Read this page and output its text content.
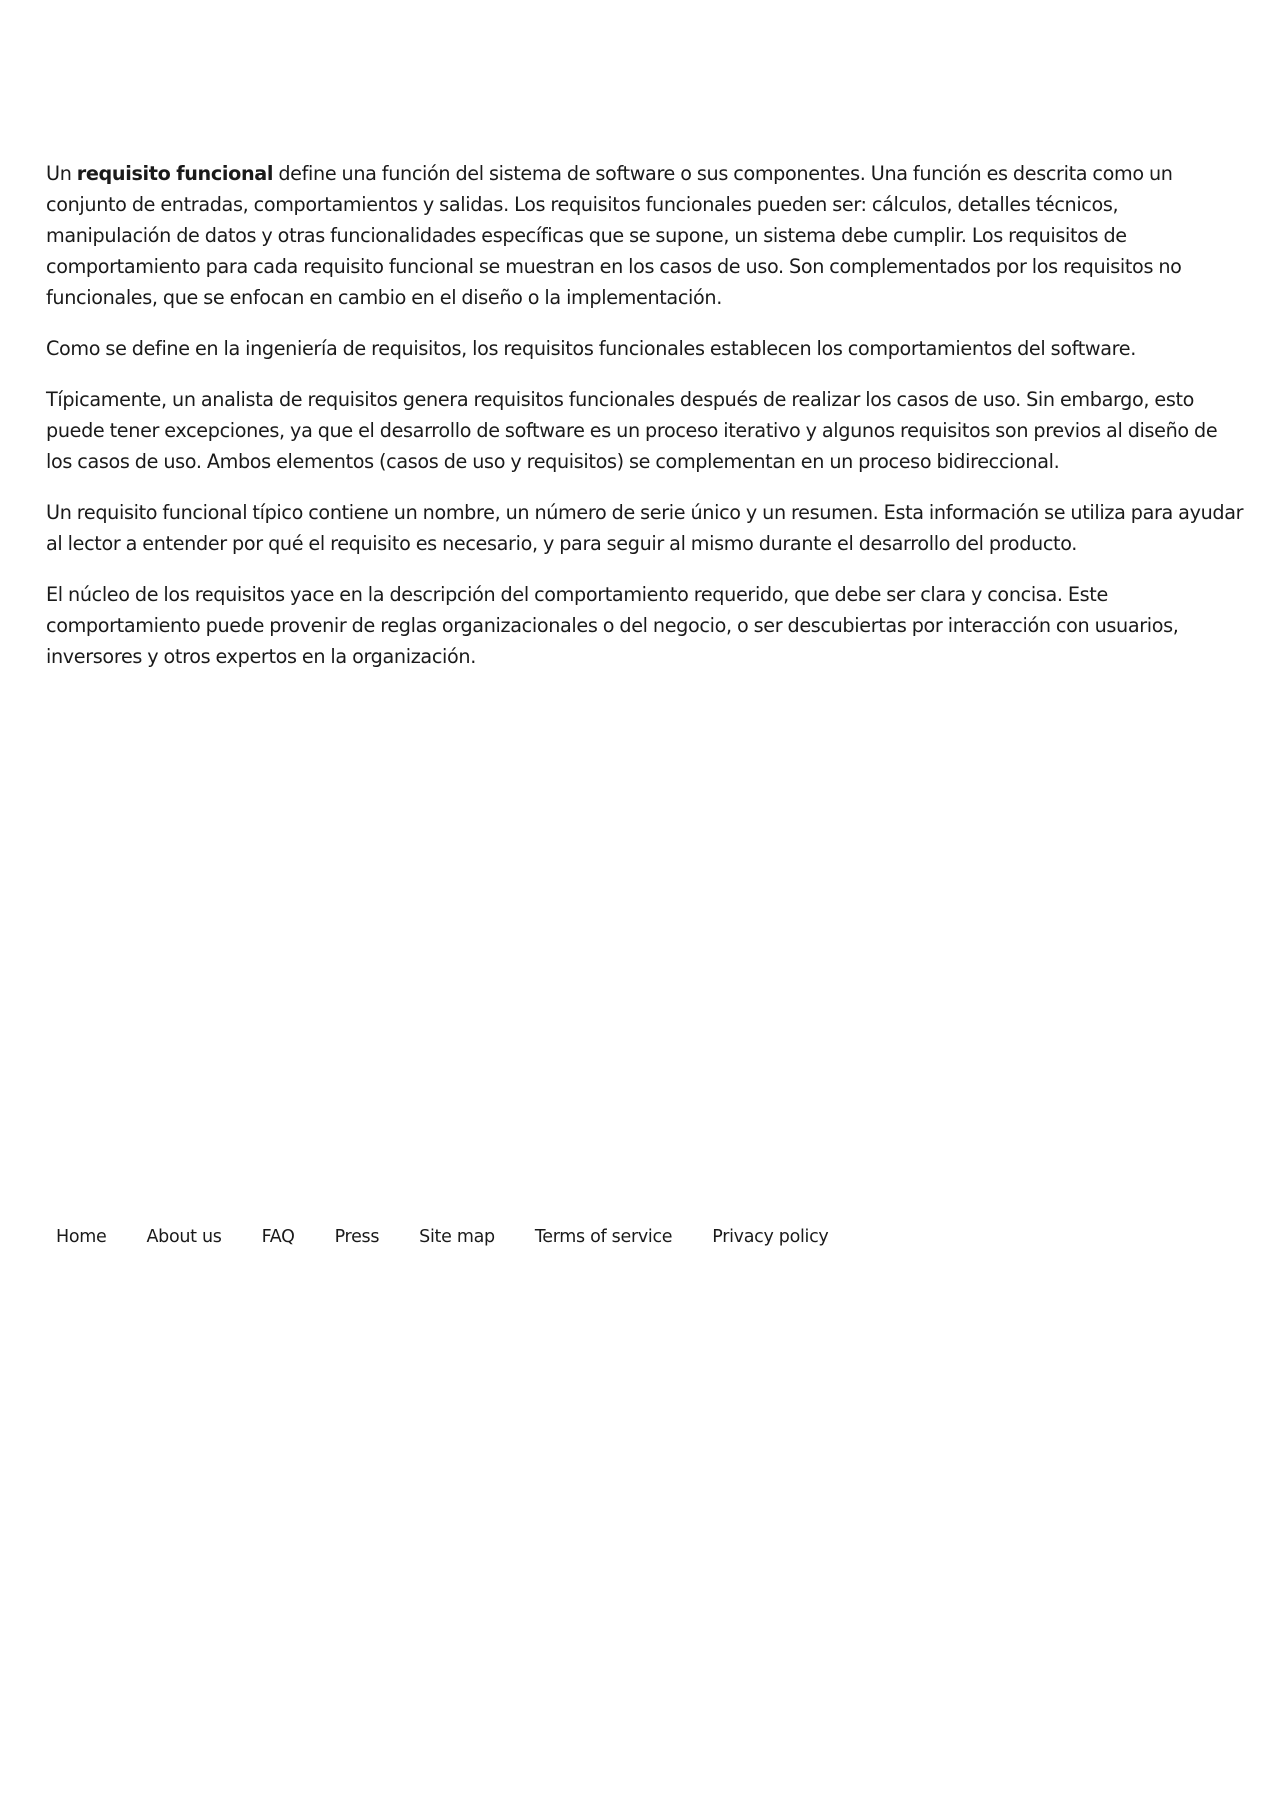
Un requisito funcional define una función del sistema de software o sus componentes. Una función es descrita como un conjunto de entradas, comportamientos y salidas. Los requisitos funcionales pueden ser: cálculos, detalles técnicos, manipulación de datos y otras funcionalidades específicas que se supone, un sistema debe cumplir. Los requisitos de comportamiento para cada requisito funcional se muestran en los casos de uso. Son complementados por los requisitos no funcionales, que se enfocan en cambio en el diseño o la implementación.

Como se define en la ingeniería de requisitos, los requisitos funcionales establecen los comportamientos del software.

Típicamente, un analista de requisitos genera requisitos funcionales después de realizar los casos de uso. Sin embargo, esto puede tener excepciones, ya que el desarrollo de software es un proceso iterativo y algunos requisitos son previos al diseño de los casos de uso. Ambos elementos (casos de uso y requisitos) se complementan en un proceso bidireccional.

Un requisito funcional típico contiene un nombre, un número de serie único y un resumen. Esta información se utiliza para ayudar al lector a entender por qué el requisito es necesario, y para seguir al mismo durante el desarrollo del producto.

El núcleo de los requisitos yace en la descripción del comportamiento requerido, que debe ser clara y concisa. Este comportamiento puede provenir de reglas organizacionales o del negocio, o ser descubiertas por interacción con usuarios, inversores y otros expertos en la organización.

Home About us FAQ Press Site map Terms of service Privacy policy
